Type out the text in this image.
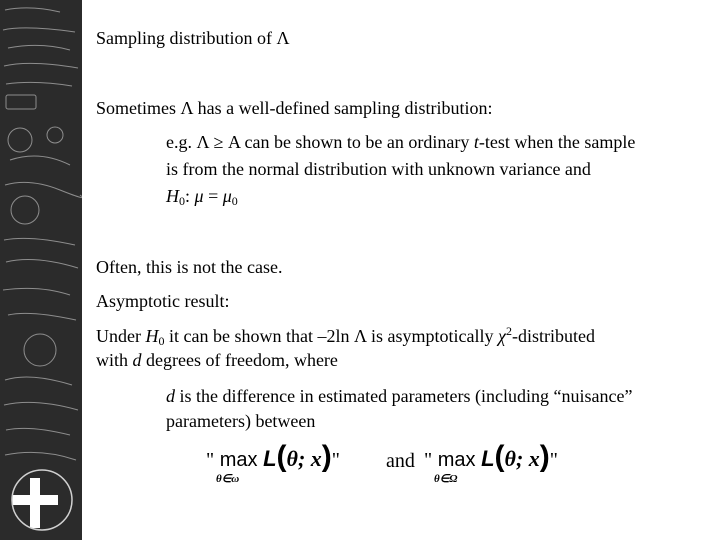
Sampling distribution of Λ
Sometimes Λ has a well-defined sampling distribution:
e.g. Λ ≥ A can be shown to be an ordinary t-test when the sample
is from the normal distribution with unknown variance and
$H_0$: $\mu = \mu_0$
Often, this is not the case.
Asymptotic result:
Under $H_0$ it can be shown that –2ln Λ is asymptotically $\chi^2$-distributed
with d degrees of freedom, where
d is the difference in estimated parameters (including “nuisance”
parameters) between
" max L(θ; x)"
θ∈ω
and " max L(θ; x)"
θ∈Ω
